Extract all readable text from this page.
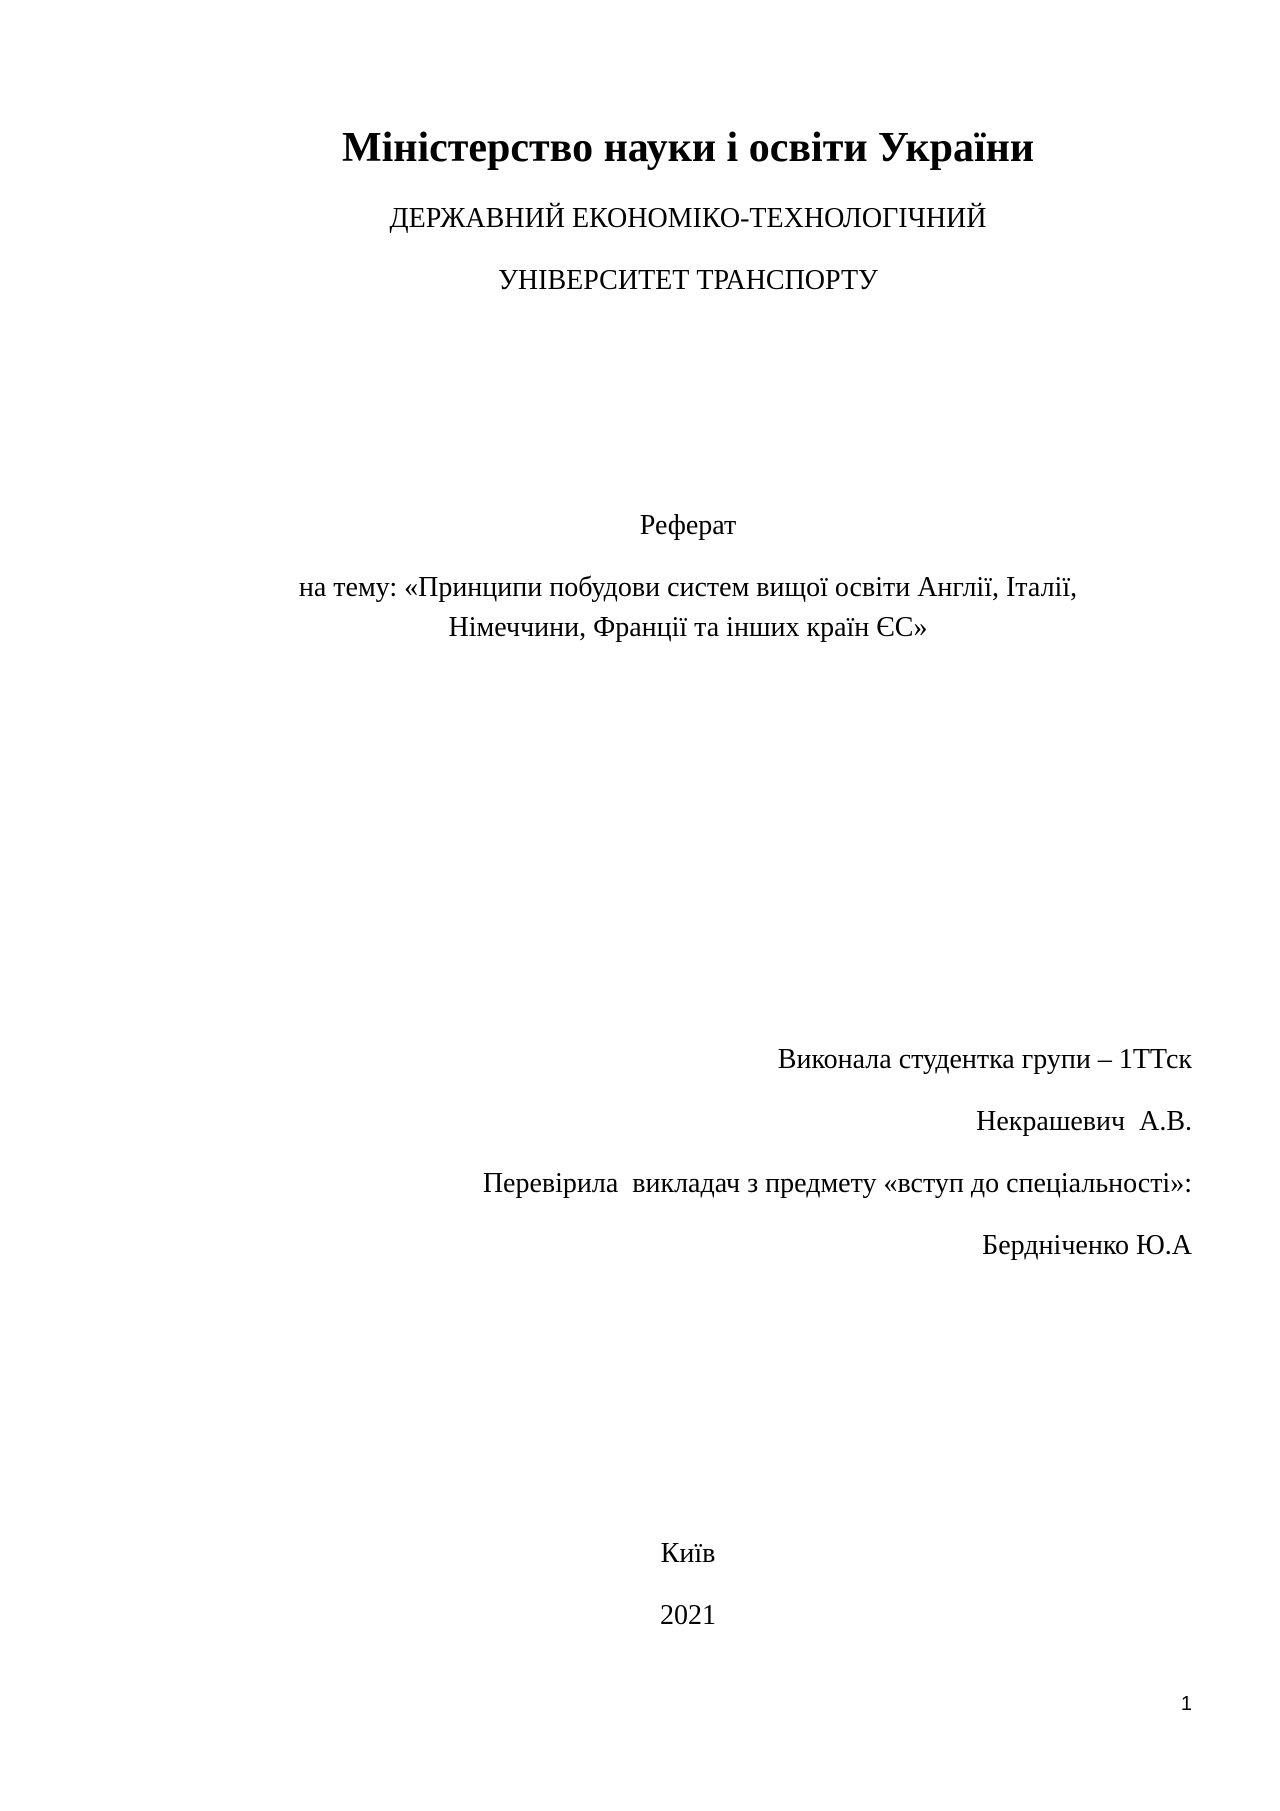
Міністерство науки і освіти України
ДЕРЖАВНИЙ ЕКОНОМІКО-ТЕХНОЛОГІЧНИЙ
УНІВЕРСИТЕТ ТРАНСПОРТУ
Реферат
на тему: «Принципи побудови систем вищої освіти Англії, Італії,
Німеччини, Франції та інших країн ЄС»
Виконала студентка групи – 1ТТск
Некрашевич  А.В.
Перевірила  викладач з предмету «вступ до спеціальності»:
Бердніченко Ю.А
Київ
2021
1
